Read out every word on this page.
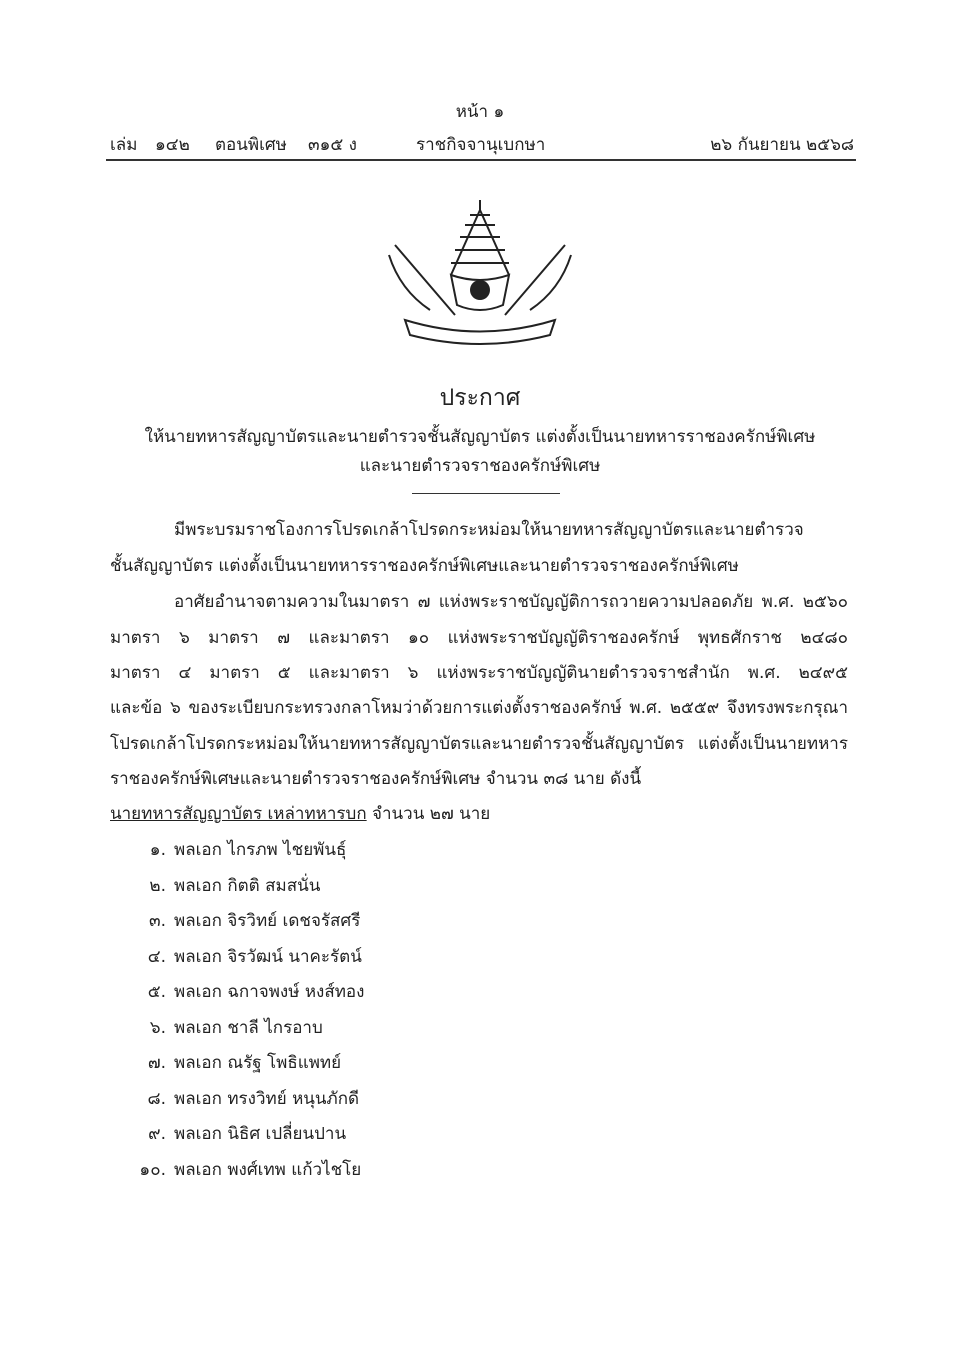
หน้า ๑
เล่ม ๑๔๒ ตอนพิเศษ ๓๑๕ ง	ราชกิจจานุเบกษา	๒๖ กันยายน ๒๕๖๘
ประกาศ
ให้นายทหารสัญญาบัตรและนายตำรวจชั้นสัญญาบัตร แต่งตั้งเป็นนายทหารราชองครักษ์พิเศษ
และนายตำรวจราชองครักษ์พิเศษ
มีพระบรมราชโองการโปรดเกล้าโปรดกระหม่อมให้นายทหารสัญญาบัตรและนายตำรวจ
ชั้นสัญญาบัตร แต่งตั้งเป็นนายทหารราชองครักษ์พิเศษและนายตำรวจราชองครักษ์พิเศษ
อาศัยอำนาจตามความในมาตรา ๗ แห่งพระราชบัญญัติการถวายความปลอดภัย พ.ศ. ๒๕๖๐
มาตรา ๖ มาตรา ๗ และมาตรา ๑๐ แห่งพระราชบัญญัติราชองครักษ์ พุทธศักราช ๒๔๘๐
มาตรา ๔ มาตรา ๕ และมาตรา ๖ แห่งพระราชบัญญัตินายตำรวจราชสำนัก พ.ศ. ๒๔๙๕
และข้อ ๖ ของระเบียบกระทรวงกลาโหมว่าด้วยการแต่งตั้งราชองครักษ์ พ.ศ. ๒๕๕๙ จึงทรงพระกรุณา
โปรดเกล้าโปรดกระหม่อมให้นายทหารสัญญาบัตรและนายตำรวจชั้นสัญญาบัตร แต่งตั้งเป็นนายทหาร
ราชองครักษ์พิเศษและนายตำรวจราชองครักษ์พิเศษ จำนวน ๓๘ นาย ดังนี้
นายทหารสัญญาบัตร เหล่าทหารบก จำนวน ๒๗ นาย
๑. พลเอก ไกรภพ ไชยพันธุ์
๒. พลเอก กิตติ สมสนั่น
๓. พลเอก จิรวิทย์ เดชจรัสศรี
๔. พลเอก จิรวัฒน์ นาคะรัตน์
๕. พลเอก ฉกาจพงษ์ หงส์ทอง
๖. พลเอก ชาลี ไกรอาบ
๗. พลเอก ณรัฐ โพธิแพทย์
๘. พลเอก ทรงวิทย์ หนุนภักดี
๙. พลเอก นิธิศ เปลี่ยนปาน
๑๐. พลเอก พงศ์เทพ แก้วไชโย
